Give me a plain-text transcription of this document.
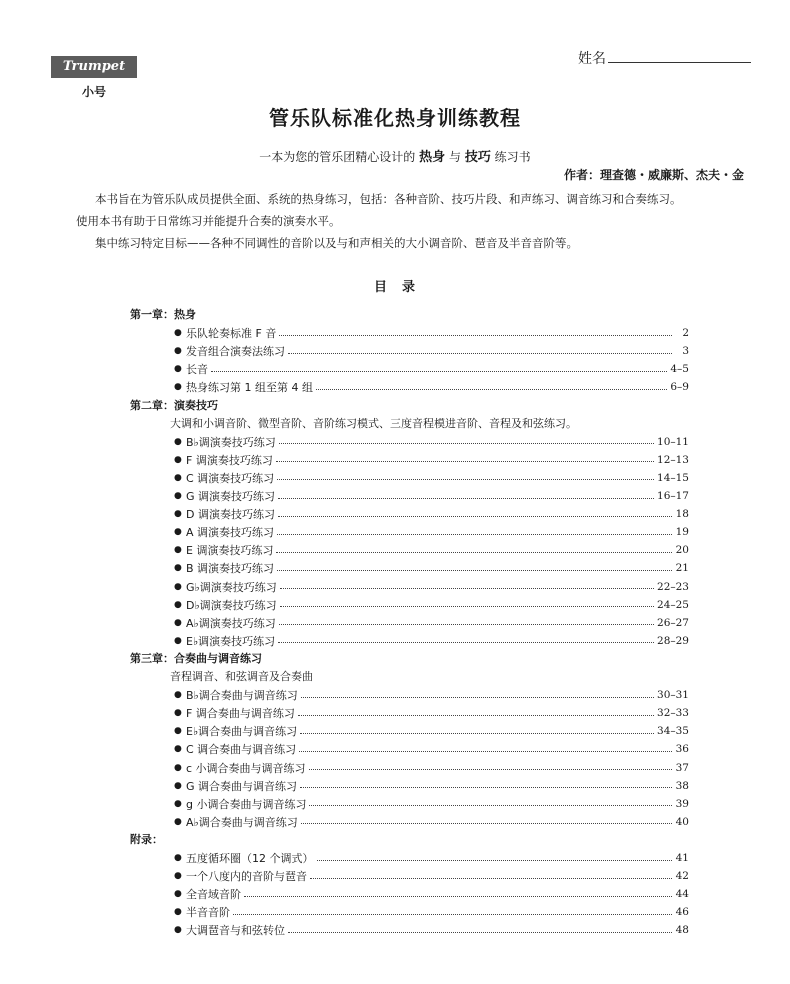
姓名
Trumpet
小号
管乐队标准化热身训练教程
一本为您的管乐团精心设计的 热身 与 技巧 练习书
作者：理查德・威廉斯、杰夫・金
本书旨在为管乐队成员提供全面、系统的热身练习，包括：各种音阶、技巧片段、和声练习、调音练习和合奏练习。
使用本书有助于日常练习并能提升合奏的演奏水平。
集中练习特定目标——各种不同调性的音阶以及与和声相关的大小调音阶、琶音及半音音阶等。
目　录
第一章：热身
● 乐队轮奏标准 F 音	2
● 发音组合演奏法练习	3
● 长音	4–5
● 热身练习第 1 组至第 4 组	6–9
第二章：演奏技巧
大调和小调音阶、微型音阶、音阶练习模式、三度音程模进音阶、音程及和弦练习。
● B♭调演奏技巧练习	10–11
● F 调演奏技巧练习	12–13
● C 调演奏技巧练习	14–15
● G 调演奏技巧练习	16–17
● D 调演奏技巧练习	18
● A 调演奏技巧练习	19
● E 调演奏技巧练习	20
● B 调演奏技巧练习	21
● G♭调演奏技巧练习	22–23
● D♭调演奏技巧练习	24–25
● A♭调演奏技巧练习	26–27
● E♭调演奏技巧练习	28–29
第三章：合奏曲与调音练习
音程调音、和弦调音及合奏曲
● B♭调合奏曲与调音练习	30–31
● F 调合奏曲与调音练习	32–33
● E♭调合奏曲与调音练习	34–35
● C 调合奏曲与调音练习	36
● c 小调合奏曲与调音练习	37
● G 调合奏曲与调音练习	38
● g 小调合奏曲与调音练习	39
● A♭调合奏曲与调音练习	40
附录：
● 五度循环圈（12 个调式）	41
● 一个八度内的音阶与琶音	42
● 全音域音阶	44
● 半音音阶	46
● 大调琶音与和弦转位	48
